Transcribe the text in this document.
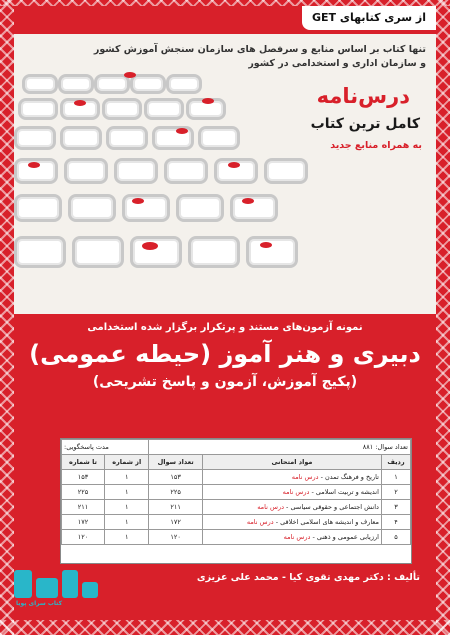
از سری کتابهای GET
تنها کتاب بر اساس منابع و سرفصل های سازمان سنجش آموزش کشور
و سازمان اداری و استخدامی در کشور
درس‌نامه
کامل ترین کتاب
به همراه منابع جدید
نمونه آزمون‌های مستند و پرتکرار برگزار شده استخدامی
دبیری و هنر آموز (حیطه عمومی)
(پکیج آموزش، آزمون و پاسخ تشریحی)
تعداد سوال: ۸۸۱			مدت پاسخگویی:	
ردیف	مواد امتحانی	تعداد سوال	از شماره	تا شماره
۱	تاریخ و فرهنگ تمدن - درس نامه	۱۵۳	۱	۱۵۳
۲	اندیشه و تربیت اسلامی - درس نامه	۲۲۵	۱	۲۲۵
۳	دانش اجتماعی و حقوقی سیاسی - درس نامه	۲۱۱	۱	۲۱۱
۴	معارف و اندیشه های اسلامی اخلاقی - درس نامه	۱۷۲	۱	۱۷۲
۵	ارزیابی عمومی و ذهنی - درس نامه	۱۲۰	۱	۱۲۰
تألیف : دکتر مهدی تقوی کیا - محمد علی عزیزی
کتاب سرای پویا
